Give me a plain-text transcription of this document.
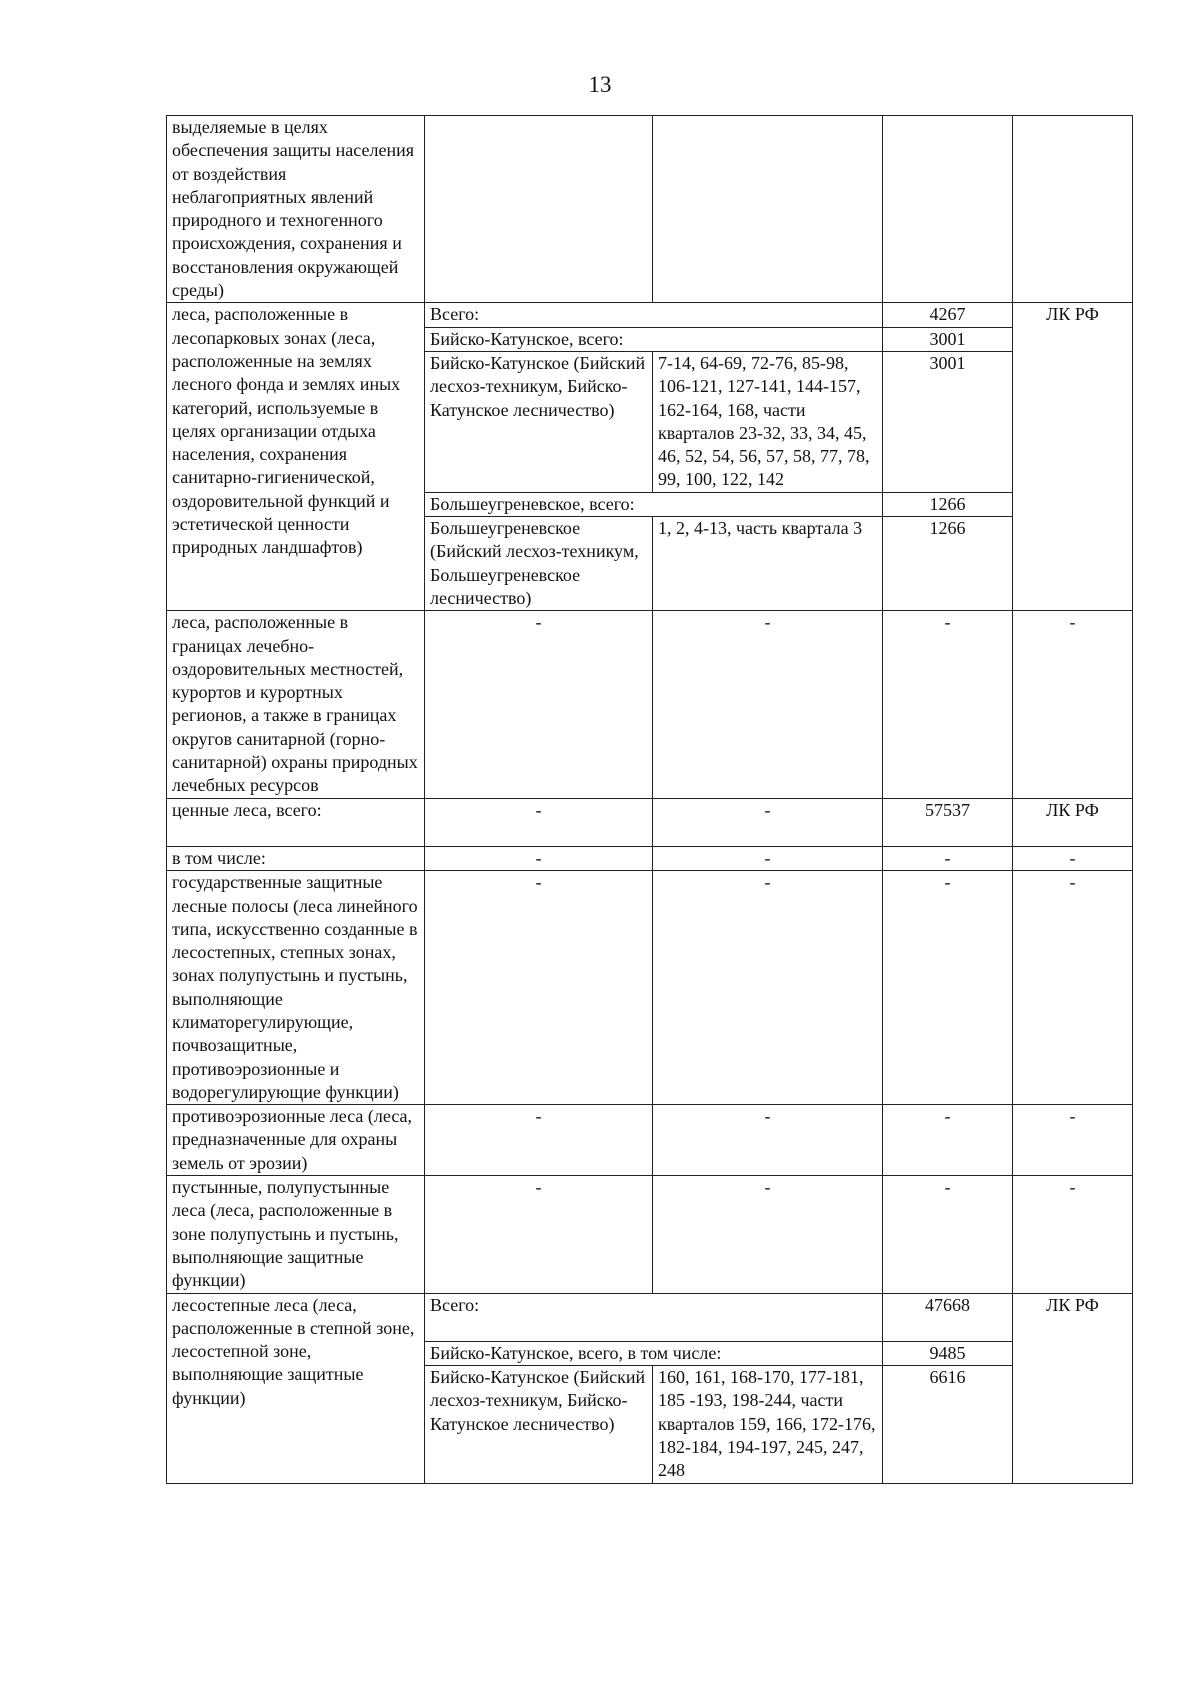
13
выделяемые в целях обеспечения защиты населения от воздействия неблагоприятных явлений природного и техногенного происхождения, сохранения и восстановления окружающей среды)				
леса, расположенные в лесопарковых зонах (леса, расположенные на землях лесного фонда и землях иных категорий, используемые в целях организации отдыха населения, сохранения санитарно-гигиенической, оздоровительной функций и эстетической ценности природных ландшафтов)	Всего:		4267	ЛК РФ
	Бийско-Катунское, всего:		3001	
	Бийско-Катунское (Бийский лесхоз-техникум, Бийско-Катунское лесничество)	7-14, 64-69, 72-76, 85-98, 106-121, 127-141, 144-157, 162-164, 168, части кварталов 23-32, 33, 34, 45, 46, 52, 54, 56, 57, 58, 77, 78, 99, 100, 122, 142	3001	
	Большеугреневское, всего:		1266	
	Большеугреневское (Бийский лесхоз-техникум, Большеугреневское лесничество)	1, 2, 4-13, часть квартала 3	1266	
леса, расположенные в границах лечебно-оздоровительных местностей, курортов и курортных регионов, а также в границах округов санитарной (горно-санитарной) охраны природных лечебных ресурсов	-	-	-	-
ценные леса, всего:	-	-	57537	ЛК РФ
в том числе:	-	-	-	-
государственные защитные лесные полосы (леса линейного типа, искусственно созданные в лесостепных, степных зонах, зонах полупустынь и пустынь, выполняющие климаторегулирующие, почвозащитные, противоэрозионные и водорегулирующие функции)	-	-	-	-
противоэрозионные леса (леса, предназначенные для охраны земель от эрозии)	-	-	-	-
пустынные, полупустынные леса (леса, расположенные в зоне полупустынь и пустынь, выполняющие защитные функции)	-	-	-	-
лесостепные леса (леса, расположенные в степной зоне, лесостепной зоне, выполняющие защитные функции)	Всего:		47668	ЛК РФ
	Бийско-Катунское, всего, в том числе:		9485	
	Бийско-Катунское (Бийский лесхоз-техникум, Бийско-Катунское лесничество)	160, 161, 168-170, 177-181, 185 -193, 198-244, части кварталов 159, 166, 172-176, 182-184, 194-197, 245, 247, 248	6616	
